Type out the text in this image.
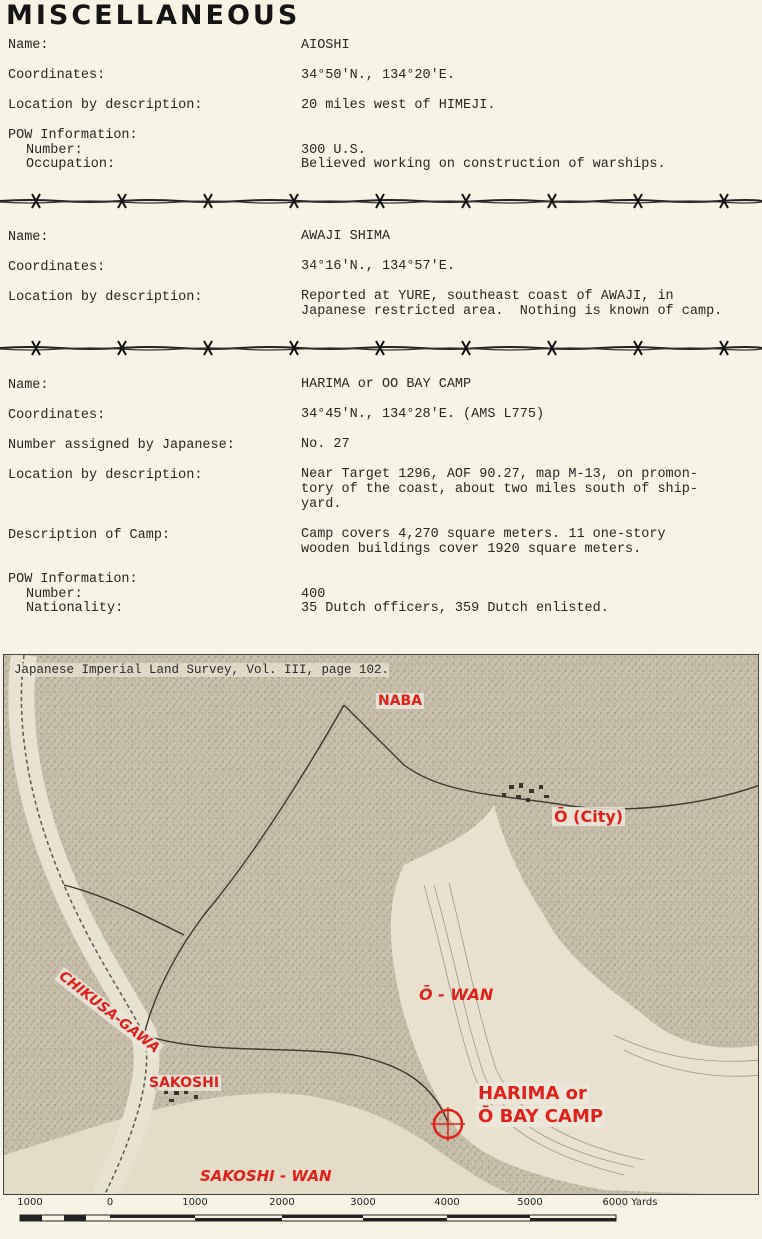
MISCELLANEOUS
Name:	AIOSHI
Coordinates:	34°50'N., 134°20'E.
Location by description:	20 miles west of HIMEJI.
POW Information:
Number:	300 U.S.
Occupation:	Believed working on construction of warships.
Name:	AWAJI SHIMA
Coordinates:	34°16'N., 134°57'E.
Location by description:	Reported at YURE, southeast coast of AWAJI, in
Japanese restricted area.  Nothing is known of camp.
Name:	HARIMA or OO BAY CAMP
Coordinates:	34°45'N., 134°28'E. (AMS L775)
Number assigned by Japanese:	No. 27
Location by description:	Near Target 1296, AOF 90.27, map M-13, on promon-
tory of the coast, about two miles south of ship-
yard.
Description of Camp:	Camp covers 4,270 square meters. 11 one-story
wooden buildings cover 1920 square meters.
POW Information:
Number:	400
Nationality:	35 Dutch officers, 359 Dutch enlisted.
Japanese Imperial Land Survey, Vol. III, page 102.
NABA
Ō (City)
CHIKUSA-GAWA	Ō - WAN
SAKOSHI	HARIMA or
Ō BAY CAMP
SAKOSHI - WAN
1000	0	1000	2000	3000	4000	5000	6000 Yards
